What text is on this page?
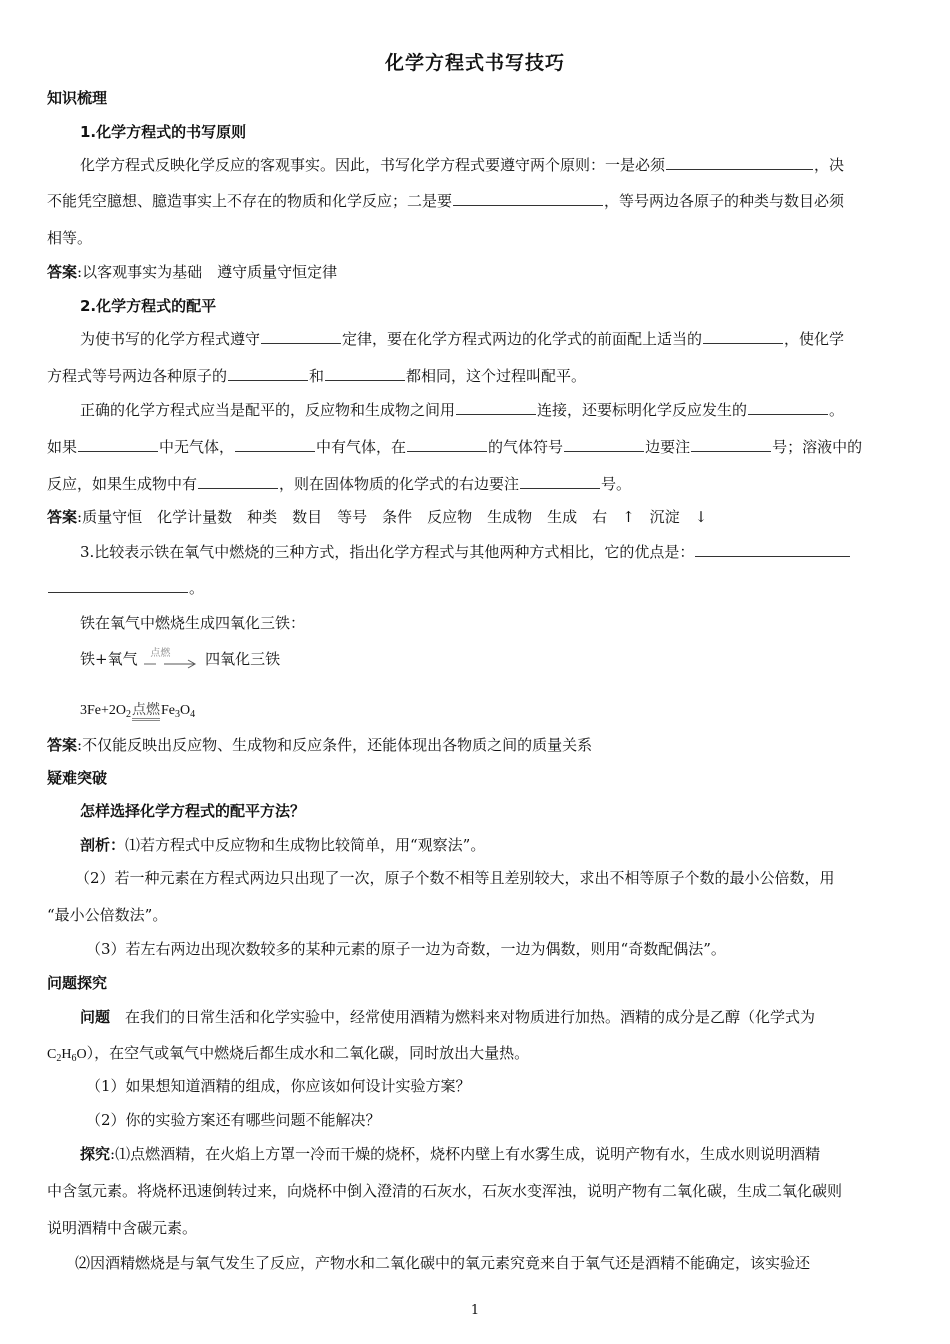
化学方程式书写技巧
知识梳理
1.化学方程式的书写原则
化学方程式反映化学反应的客观事实。因此，书写化学方程式要遵守两个原则：一是必须	，决
不能凭空臆想、臆造事实上不存在的物质和化学反应；二是要	，等号两边各原子的种类与数目必须
相等。
答案:以客观事实为基础　遵守质量守恒定律
2.化学方程式的配平
为使书写的化学方程式遵守	定律，要在化学方程式两边的化学式的前面配上适当的	，使化学
方程式等号两边各种原子的	和	都相同，这个过程叫配平。
正确的化学方程式应当是配平的，反应物和生成物之间用	连接，还要标明化学反应发生的	。
如果	中无气体，	中有气体，在	的气体符号	边要注	号；溶液中的
反应，如果生成物中有	，则在固体物质的化学式的右边要注	号。
答案:质量守恒　化学计量数　种类　数目　等号　条件　反应物　生成物　生成　右　↑　沉淀　↓
3.比较表示铁在氧气中燃烧的三种方式，指出化学方程式与其他两种方式相比，它的优点是：
。
铁在氧气中燃烧生成四氧化三铁：
铁+氧气 点燃 四氧化三铁
$3Fe+2O_2$点燃$Fe_3O_4$
答案:不仅能反映出反应物、生成物和反应条件，还能体现出各物质之间的质量关系
疑难突破
怎样选择化学方程式的配平方法？
剖析：⑴若方程式中反应物和生成物比较简单，用“观察法”。
（2）若一种元素在方程式两边只出现了一次，原子个数不相等且差别较大，求出不相等原子个数的最小公倍数，用
“最小公倍数法”。
（3）若左右两边出现次数较多的某种元素的原子一边为奇数，一边为偶数，则用“奇数配偶法”。
问题探究
问题　在我们的日常生活和化学实验中，经常使用酒精为燃料来对物质进行加热。酒精的成分是乙醇（化学式为
$C_2H_6O$），在空气或氧气中燃烧后都生成水和二氧化碳，同时放出大量热。
（1）如果想知道酒精的组成，你应该如何设计实验方案？
（2）你的实验方案还有哪些问题不能解决？
探究:⑴点燃酒精，在火焰上方罩一冷而干燥的烧杯，烧杯内壁上有水雾生成，说明产物有水，生成水则说明酒精
中含氢元素。将烧杯迅速倒转过来，向烧杯中倒入澄清的石灰水，石灰水变浑浊，说明产物有二氧化碳，生成二氧化碳则
说明酒精中含碳元素。
⑵因酒精燃烧是与氧气发生了反应，产物水和二氧化碳中的氧元素究竟来自于氧气还是酒精不能确定，该实验还
1
